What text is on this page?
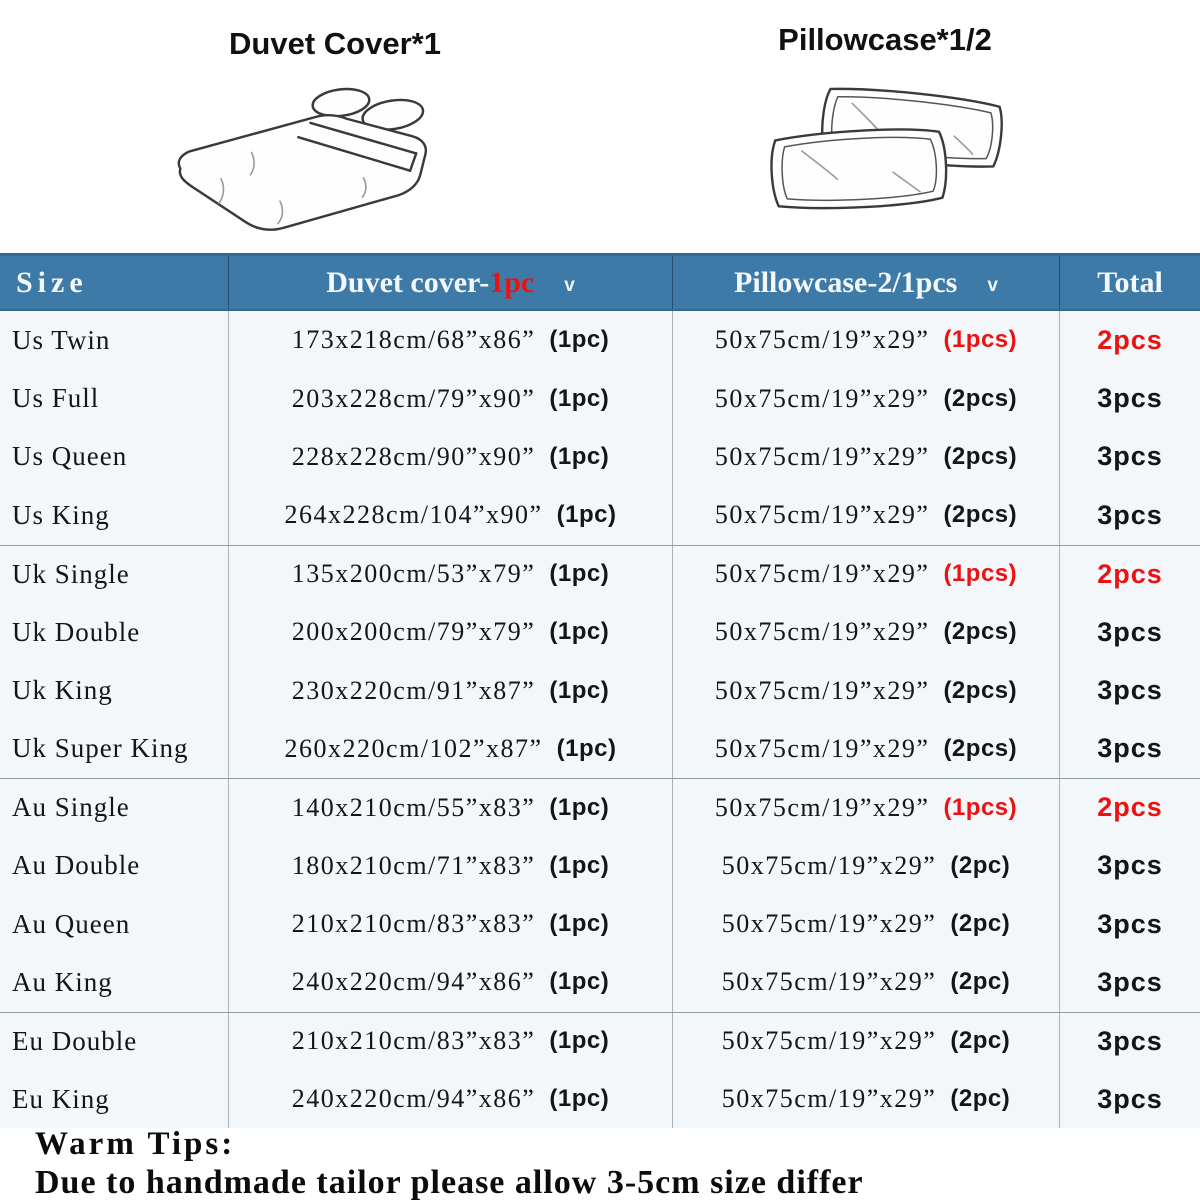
Duvet Cover*1	Pillowcase*1/2
Size	Duvet cover- 1pc v	Pillowcase-2/1pcs v	Total
Us Twin	173x218cm/68”x86” (1pc)	50x75cm/19”x29” (1pcs)	2pcs
Us Full	203x228cm/79”x90” (1pc)	50x75cm/19”x29” (2pcs)	3pcs
Us Queen	228x228cm/90”x90” (1pc)	50x75cm/19”x29” (2pcs)	3pcs
Us King	264x228cm/104”x90” (1pc)	50x75cm/19”x29” (2pcs)	3pcs
Uk Single	135x200cm/53”x79” (1pc)	50x75cm/19”x29” (1pcs)	2pcs
Uk Double	200x200cm/79”x79” (1pc)	50x75cm/19”x29” (2pcs)	3pcs
Uk King	230x220cm/91”x87” (1pc)	50x75cm/19”x29” (2pcs)	3pcs
Uk Super King	260x220cm/102”x87” (1pc)	50x75cm/19”x29” (2pcs)	3pcs
Au Single	140x210cm/55”x83” (1pc)	50x75cm/19”x29” (1pcs)	2pcs
Au Double	180x210cm/71”x83” (1pc)	50x75cm/19”x29” (2pc)	3pcs
Au Queen	210x210cm/83”x83” (1pc)	50x75cm/19”x29” (2pc)	3pcs
Au King	240x220cm/94”x86” (1pc)	50x75cm/19”x29” (2pc)	3pcs
Eu Double	210x210cm/83”x83” (1pc)	50x75cm/19”x29” (2pc)	3pcs
Eu King	240x220cm/94”x86” (1pc)	50x75cm/19”x29” (2pc)	3pcs
Warm Tips:
Due to handmade tailor please allow 3-5cm size differ
